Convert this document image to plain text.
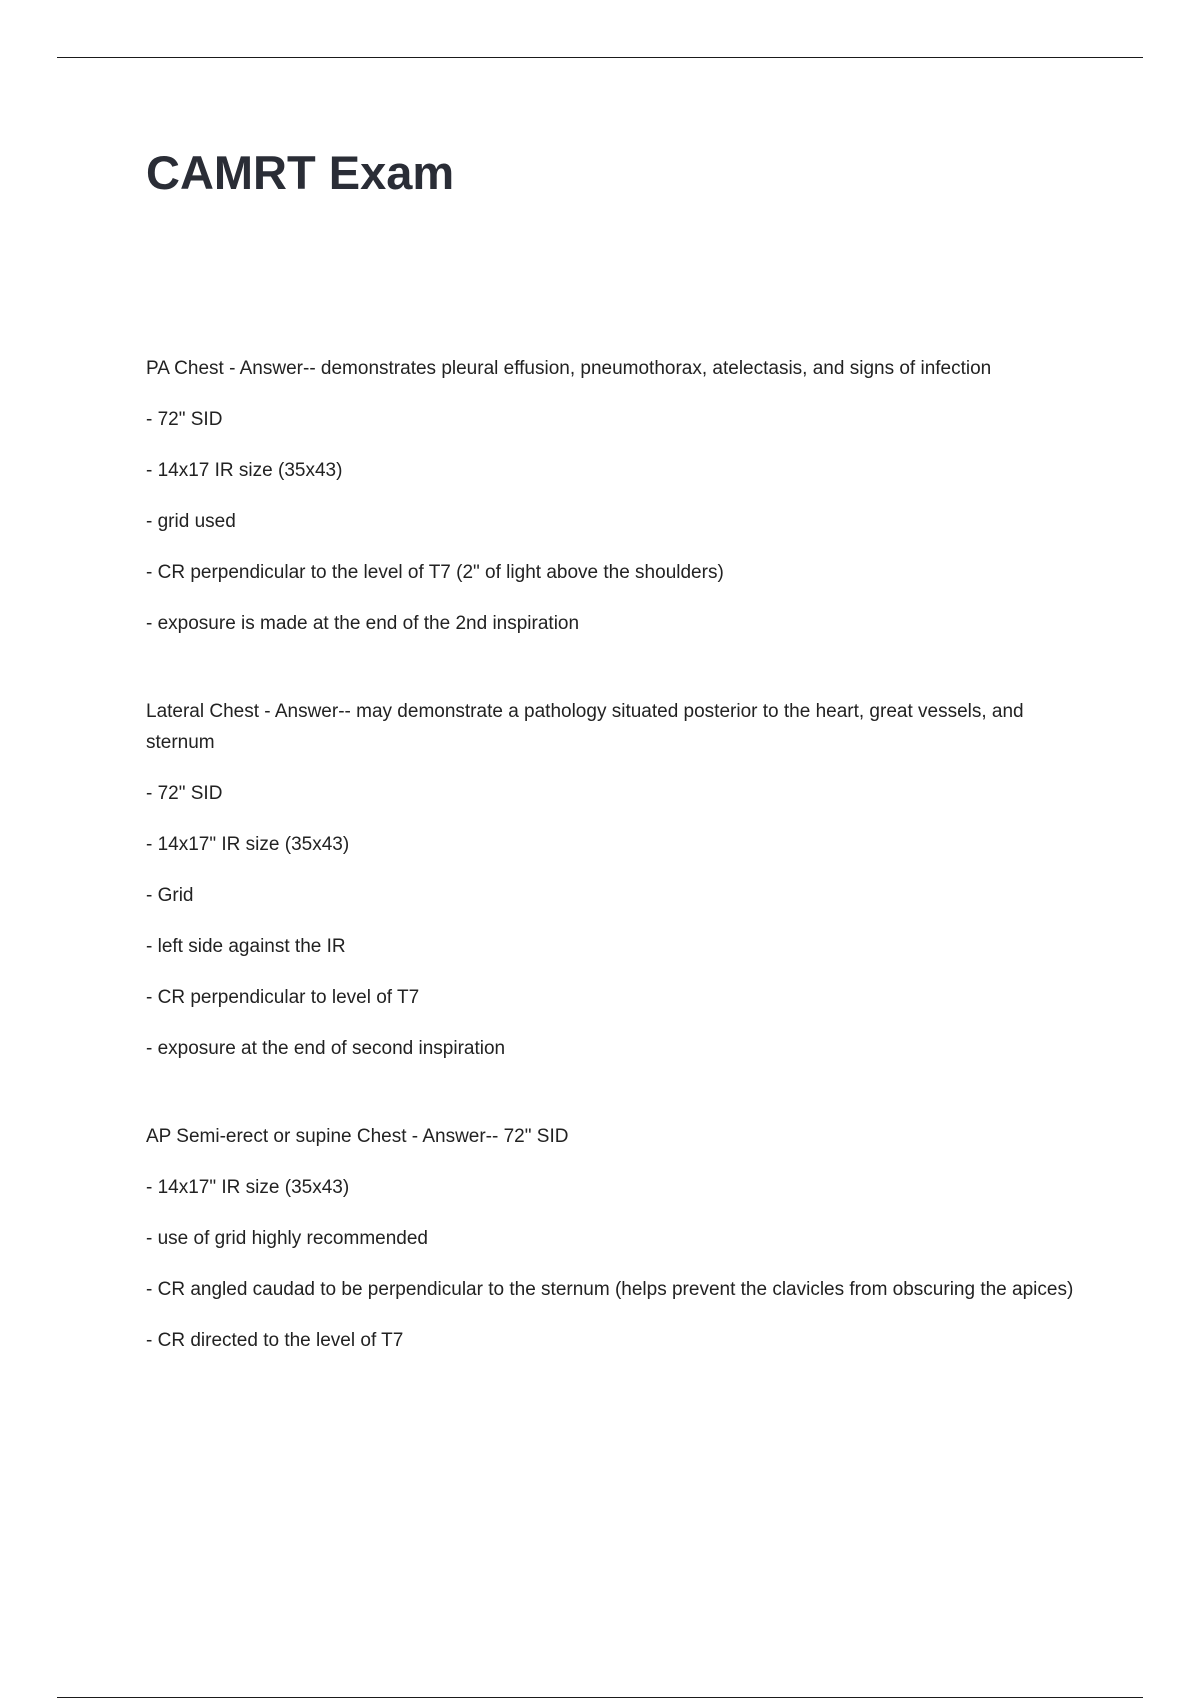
CAMRT Exam

PA Chest - Answer-- demonstrates pleural effusion, pneumothorax, atelectasis, and signs of infection

- 72" SID

- 14x17 IR size (35x43)

- grid used

- CR perpendicular to the level of T7 (2" of light above the shoulders)

- exposure is made at the end of the 2nd inspiration

Lateral Chest - Answer-- may demonstrate a pathology situated posterior to the heart, great vessels, and sternum

- 72" SID

- 14x17" IR size (35x43)

- Grid

- left side against the IR

- CR perpendicular to level of T7

- exposure at the end of second inspiration

AP Semi-erect or supine Chest - Answer-- 72" SID

- 14x17" IR size (35x43)

- use of grid highly recommended

- CR angled caudad to be perpendicular to the sternum (helps prevent the clavicles from obscuring the apices)

- CR directed to the level of T7
